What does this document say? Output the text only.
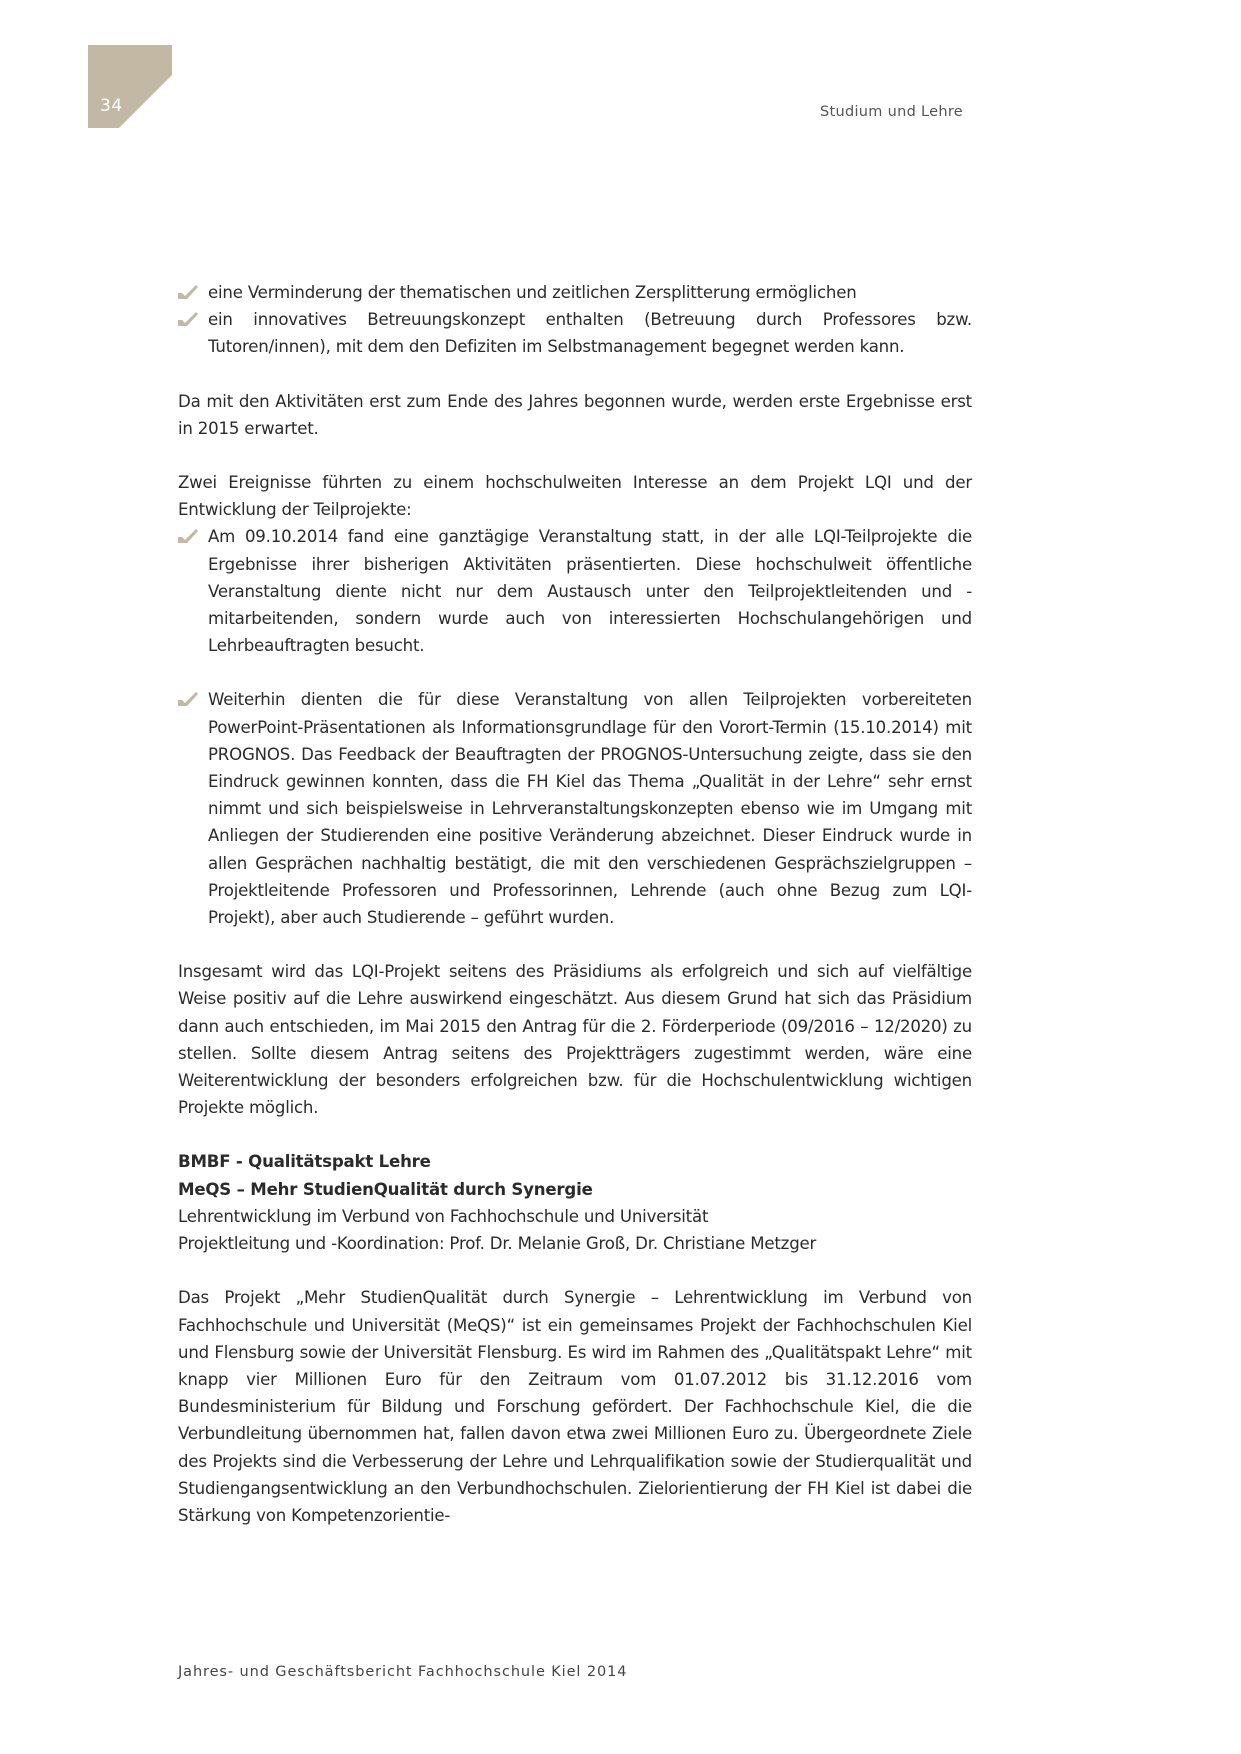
34	Studium und Lehre
eine Verminderung der thematischen und zeitlichen Zersplitterung ermöglichen
ein innovatives Betreuungskonzept enthalten (Betreuung durch Professores bzw. Tutoren/innen), mit dem den Defiziten im Selbstmanagement begegnet werden kann.

Da mit den Aktivitäten erst zum Ende des Jahres begonnen wurde, werden erste Ergebnisse erst in 2015 erwartet.

Zwei Ereignisse führten zu einem hochschulweiten Interesse an dem Projekt LQI und der Entwicklung der Teilprojekte:

Am 09.10.2014 fand eine ganztägige Veranstaltung statt, in der alle LQI-Teilprojekte die Ergebnisse ihrer bisherigen Aktivitäten präsentierten. Diese hochschulweit öffentliche Veranstaltung diente nicht nur dem Austausch unter den Teilprojektleitenden und -mitarbeitenden, sondern wurde auch von interessierten Hochschulangehörigen und Lehrbeauftragten besucht.
Weiterhin dienten die für diese Veranstaltung von allen Teilprojekten vorbereiteten PowerPoint-Präsentationen als Informationsgrundlage für den Vorort-Termin (15.10.2014) mit PROGNOS. Das Feedback der Beauftragten der PROGNOS-Untersuchung zeigte, dass sie den Eindruck gewinnen konnten, dass die FH Kiel das Thema „Qualität in der Lehre“ sehr ernst nimmt und sich beispielsweise in Lehrveranstaltungskonzepten ebenso wie im Umgang mit Anliegen der Studierenden eine positive Veränderung abzeichnet. Dieser Eindruck wurde in allen Gesprächen nachhaltig bestätigt, die mit den verschiedenen Gesprächszielgruppen – Projektleitende Professoren und Professorinnen, Lehrende (auch ohne Bezug zum LQI-Projekt), aber auch Studierende – geführt wurden.

Insgesamt wird das LQI-Projekt seitens des Präsidiums als erfolgreich und sich auf vielfältige Weise positiv auf die Lehre auswirkend eingeschätzt. Aus diesem Grund hat sich das Präsidium dann auch entschieden, im Mai 2015 den Antrag für die 2. Förderperiode (09/2016 – 12/2020) zu stellen. Sollte diesem Antrag seitens des Projektträgers zugestimmt werden, wäre eine Weiterentwicklung der besonders erfolgreichen bzw. für die Hochschulentwicklung wichtigen Projekte möglich.

BMBF - Qualitätspakt Lehre

MeQS – Mehr StudienQualität durch Synergie

Lehrentwicklung im Verbund von Fachhochschule und Universität

Projektleitung und -Koordination: Prof. Dr. Melanie Groß, Dr. Christiane Metzger

Das Projekt „Mehr StudienQualität durch Synergie – Lehrentwicklung im Verbund von Fachhochschule und Universität (MeQS)“ ist ein gemeinsames Projekt der Fachhochschulen Kiel und Flensburg sowie der Universität Flensburg. Es wird im Rahmen des „Qualitätspakt Lehre“ mit knapp vier Millionen Euro für den Zeitraum vom 01.07.2012 bis 31.12.2016 vom Bundesministerium für Bildung und Forschung gefördert. Der Fachhochschule Kiel, die die Verbundleitung übernommen hat, fallen davon etwa zwei Millionen Euro zu. Übergeordnete Ziele des Projekts sind die Verbesserung der Lehre und Lehrqualifikation sowie der Studierqualität und Studiengangsentwicklung an den Verbundhochschulen. Zielorientierung der FH Kiel ist dabei die Stärkung von Kompetenzorientie-

Jahres- und Geschäftsbericht Fachhochschule Kiel 2014
